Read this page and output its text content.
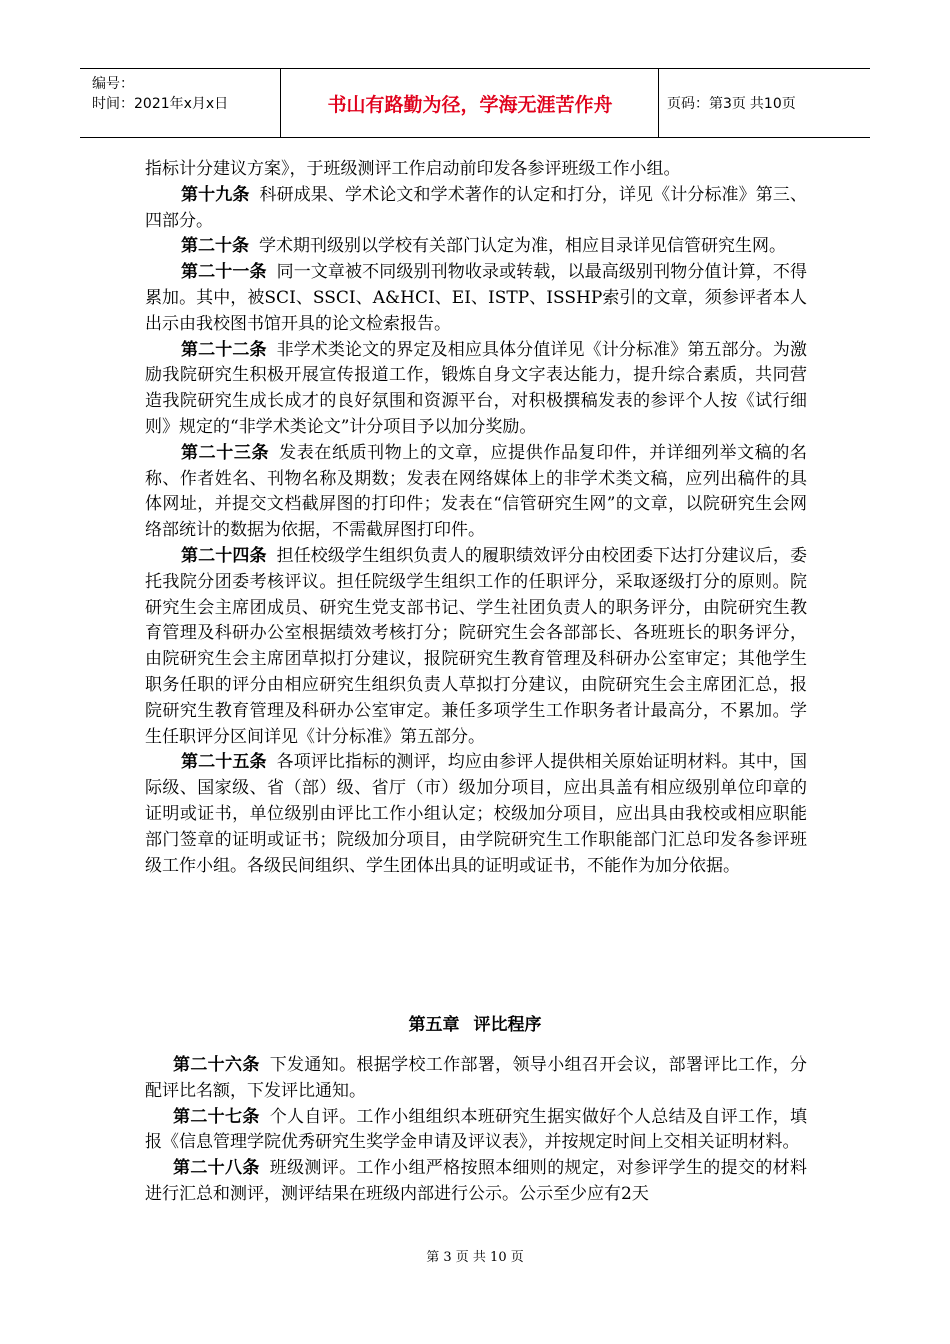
编号：
时间：2021年x月x日	书山有路勤为径，学海无涯苦作舟	页码：第3页 共10页

指标计分建议方案》，于班级测评工作启动前印发各参评班级工作小组。

第十九条 科研成果、学术论文和学术著作的认定和打分，详见《计分标准》第三、四部分。

第二十条 学术期刊级别以学校有关部门认定为准，相应目录详见信管研究生网。

第二十一条 同一文章被不同级别刊物收录或转载，以最高级别刊物分值计算，不得累加。其中，被SCI、SSCI、A&HCI、EI、ISTP、ISSHP索引的文章，须参评者本人出示由我校图书馆开具的论文检索报告。

第二十二条 非学术类论文的界定及相应具体分值详见《计分标准》第五部分。为激励我院研究生积极开展宣传报道工作，锻炼自身文字表达能力，提升综合素质，共同营造我院研究生成长成才的良好氛围和资源平台，对积极撰稿发表的参评个人按《试行细则》规定的“非学术类论文”计分项目予以加分奖励。

第二十三条 发表在纸质刊物上的文章，应提供作品复印件，并详细列举文稿的名称、作者姓名、刊物名称及期数；发表在网络媒体上的非学术类文稿，应列出稿件的具体网址，并提交文档截屏图的打印件；发表在“信管研究生网”的文章，以院研究生会网络部统计的数据为依据，不需截屏图打印件。

第二十四条 担任校级学生组织负责人的履职绩效评分由校团委下达打分建议后，委托我院分团委考核评议。担任院级学生组织工作的任职评分，采取逐级打分的原则。院研究生会主席团成员、研究生党支部书记、学生社团负责人的职务评分，由院研究生教育管理及科研办公室根据绩效考核打分；院研究生会各部部长、各班班长的职务评分，由院研究生会主席团草拟打分建议，报院研究生教育管理及科研办公室审定；其他学生职务任职的评分由相应研究生组织负责人草拟打分建议，由院研究生会主席团汇总，报院研究生教育管理及科研办公室审定。兼任多项学生工作职务者计最高分，不累加。学生任职评分区间详见《计分标准》第五部分。

第二十五条 各项评比指标的测评，均应由参评人提供相关原始证明材料。其中，国际级、国家级、省（部）级、省厅（市）级加分项目，应出具盖有相应级别单位印章的证明或证书，单位级别由评比工作小组认定；校级加分项目，应出具由我校或相应职能部门签章的证明或证书；院级加分项目，由学院研究生工作职能部门汇总印发各参评班级工作小组。各级民间组织、学生团体出具的证明或证书，不能作为加分依据。

第五章 评比程序

第二十六条 下发通知。根据学校工作部署，领导小组召开会议，部署评比工作，分配评比名额，下发评比通知。

第二十七条 个人自评。工作小组组织本班研究生据实做好个人总结及自评工作，填报《信息管理学院优秀研究生奖学金申请及评议表》，并按规定时间上交相关证明材料。

第二十八条 班级测评。工作小组严格按照本细则的规定，对参评学生的提交的材料进行汇总和测评，测评结果在班级内部进行公示。公示至少应有2天

第 3 页 共 10 页
